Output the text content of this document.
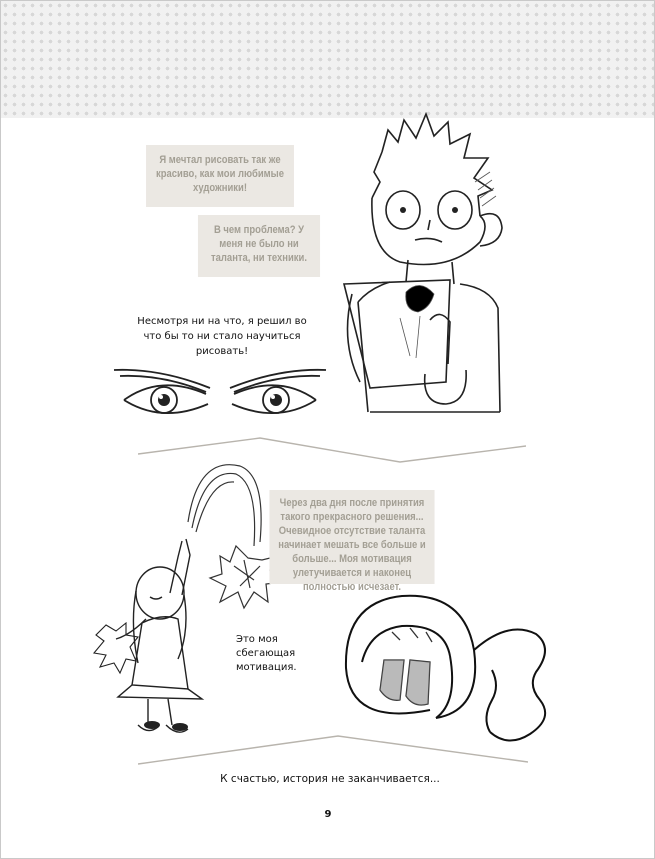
Я мечтал рисовать так же красиво, как мои любимые художники!
В чем проблема? У меня не было ни таланта, ни техники.
Несмотря ни на что, я решил во что бы то ни стало научиться рисовать!
Через два дня после принятия такого прекрасного решения... Очевидное отсутствие таланта начинает мешать все больше и больше... Моя мотивация улетучивается и наконец полностью исчезает.
Это моя сбегающая мотивация.
К счастью, история не заканчивается...
9
